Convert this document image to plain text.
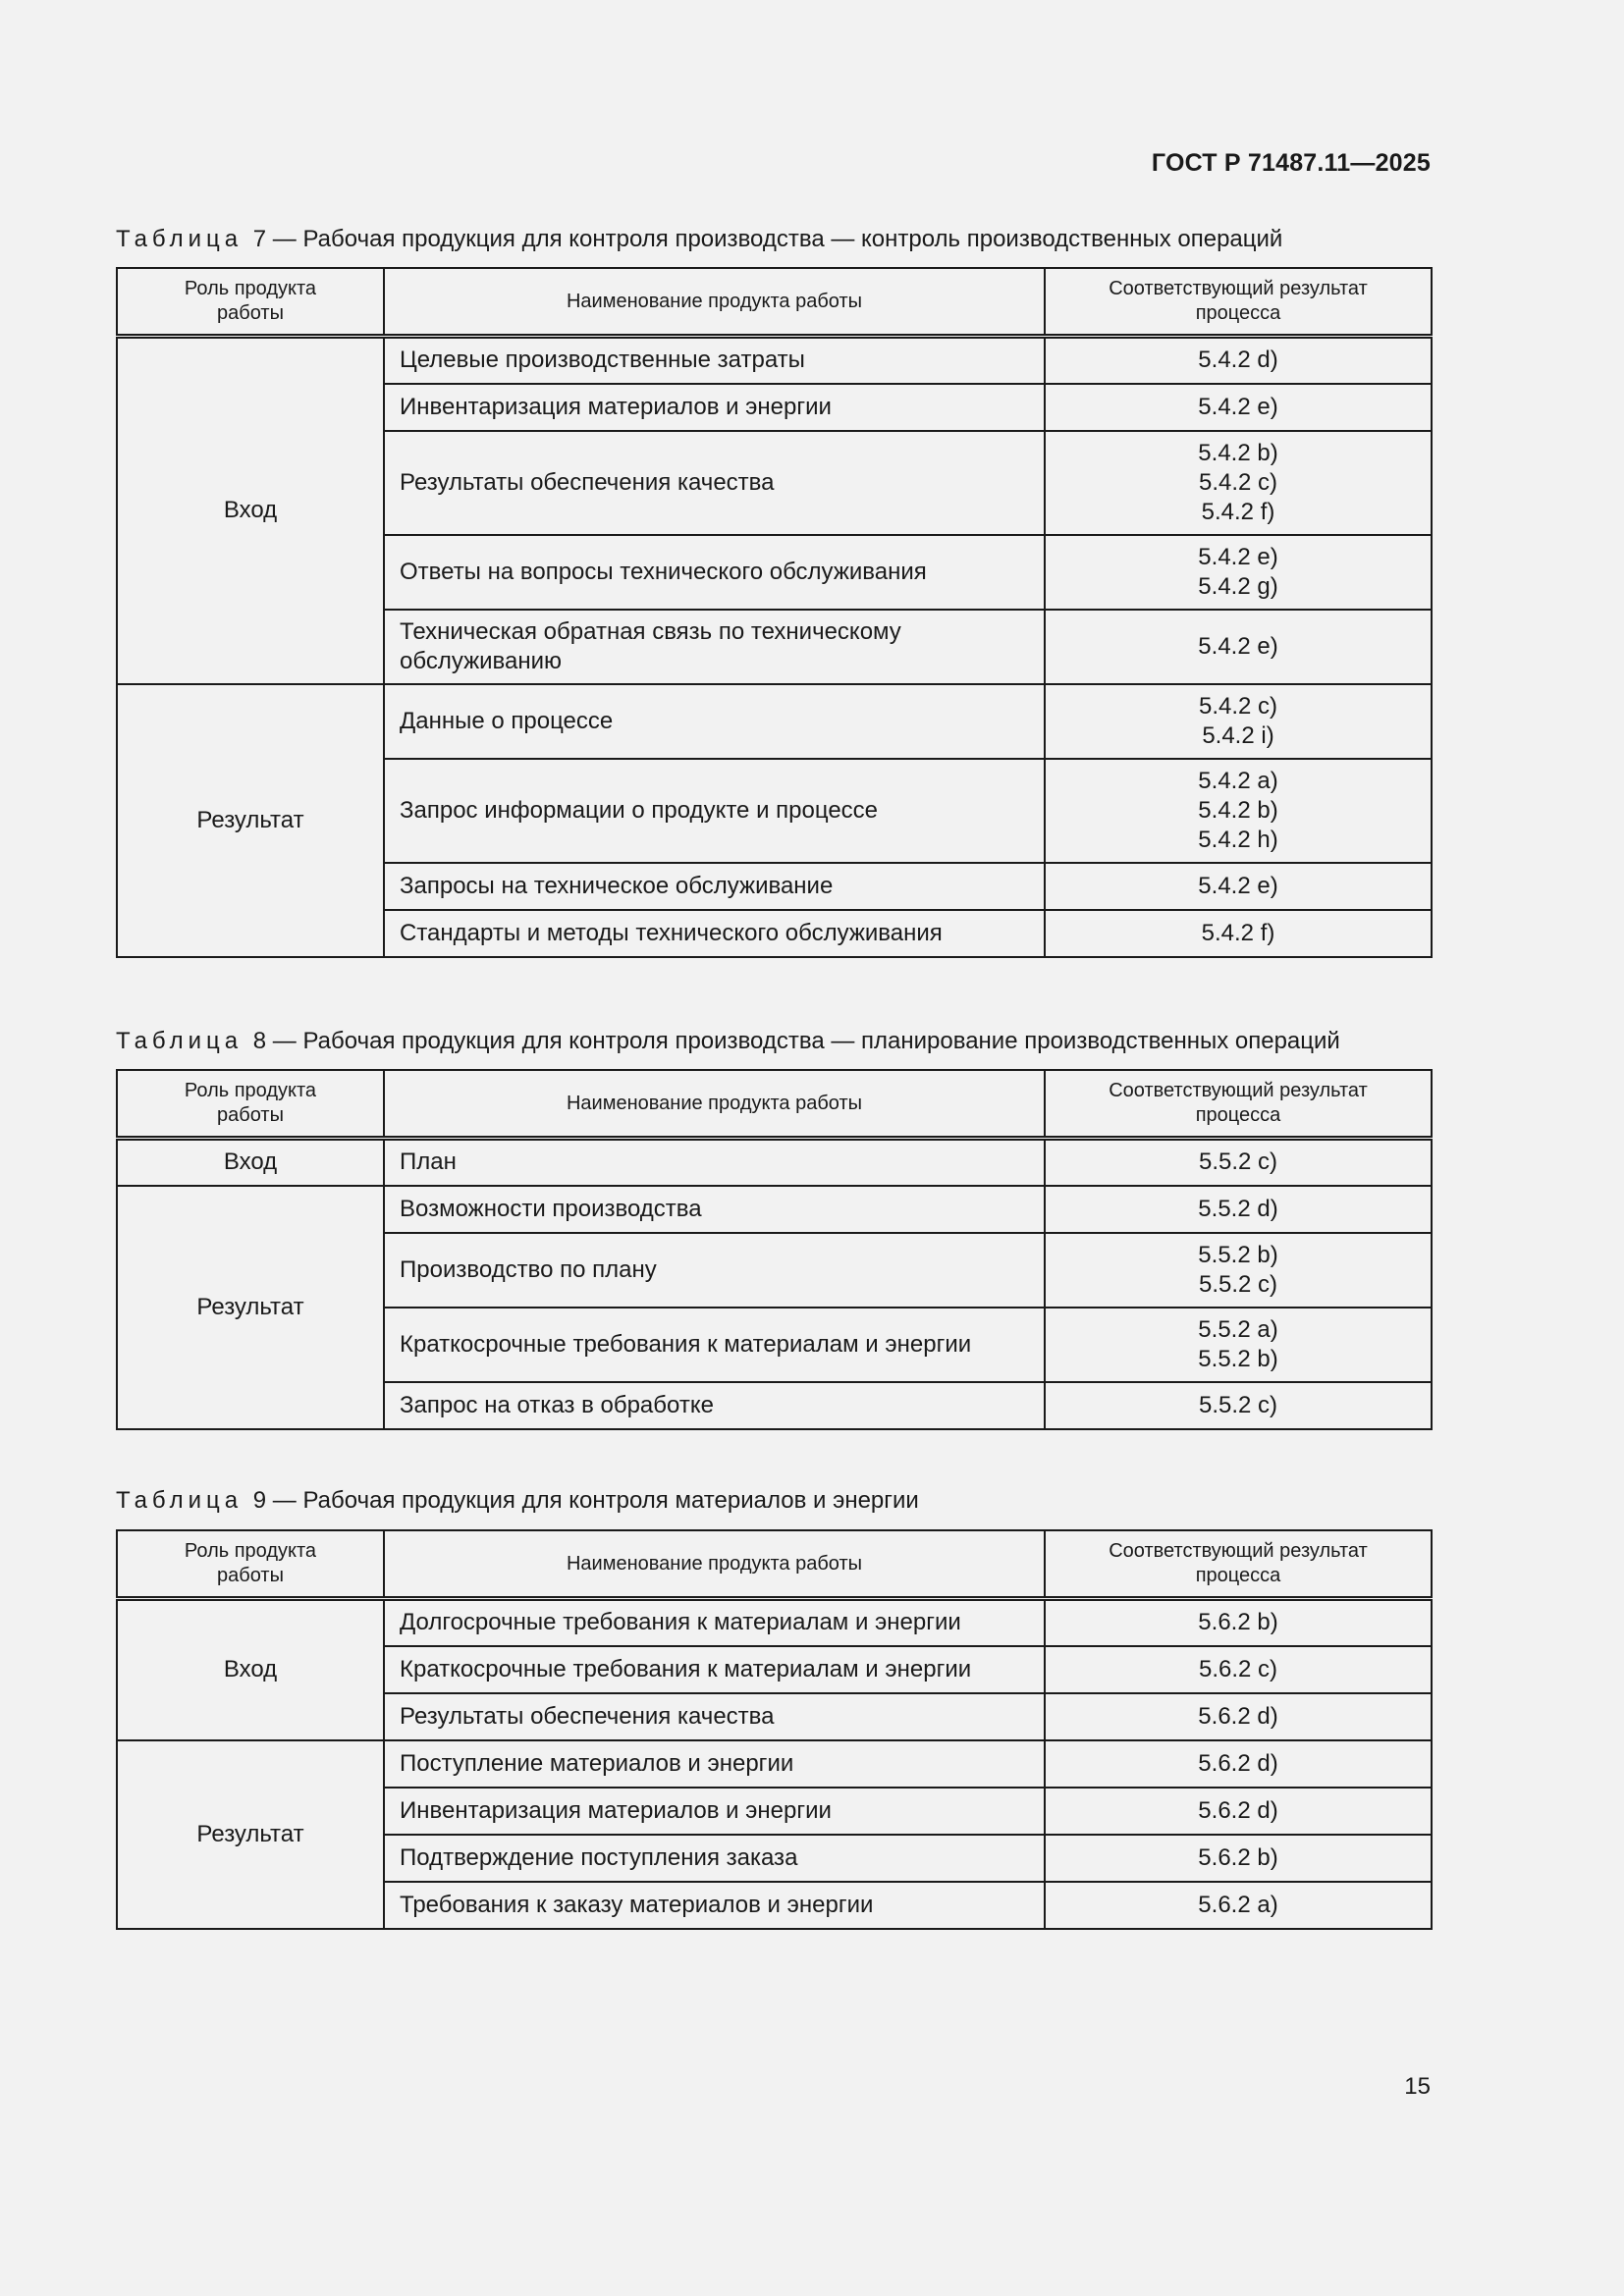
ГОСТ Р 71487.11—2025
Таблица 7 — Рабочая продукция для контроля производства — контроль производственных операций
Роль продукта
работы	Наименование продукта работы	Соответствующий результат
процесса
Вход	Целевые производственные затраты	5.4.2 d)

	Инвентаризация материалов и энергии	5.4.2 e)

	Результаты обеспечения качества	5.4.2 b)
5.4.2 c)
5.4.2 f)

	Ответы на вопросы технического обслуживания	5.4.2 e)
5.4.2 g)

	Техническая обратная связь по техническому обслуживанию	5.4.2 e)

Результат	Данные о процессе	5.4.2 c)
5.4.2 i)

	Запрос информации о продукте и процессе	5.4.2 a)
5.4.2 b)
5.4.2 h)

	Запросы на техническое обслуживание	5.4.2 e)

	Стандарты и методы технического обслуживания	5.4.2 f)
Таблица 8 — Рабочая продукция для контроля производства — планирование производственных операций
Роль продукта
работы	Наименование продукта работы	Соответствующий результат
процесса
Вход	План	5.5.2 c)

Результат	Возможности производства	5.5.2 d)

	Производство по плану	5.5.2 b)
5.5.2 c)

	Краткосрочные требования к материалам и энергии	5.5.2 a)
5.5.2 b)

	Запрос на отказ в обработке	5.5.2 c)
Таблица 9 — Рабочая продукция для контроля материалов и энергии
Роль продукта
работы	Наименование продукта работы	Соответствующий результат
процесса
Вход	Долгосрочные требования к материалам и энергии	5.6.2 b)

	Краткосрочные требования к материалам и энергии	5.6.2 c)

	Результаты обеспечения качества	5.6.2 d)

Результат	Поступление материалов и энергии	5.6.2 d)

	Инвентаризация материалов и энергии	5.6.2 d)

	Подтверждение поступления заказа	5.6.2 b)

	Требования к заказу материалов и энергии	5.6.2 a)
15
